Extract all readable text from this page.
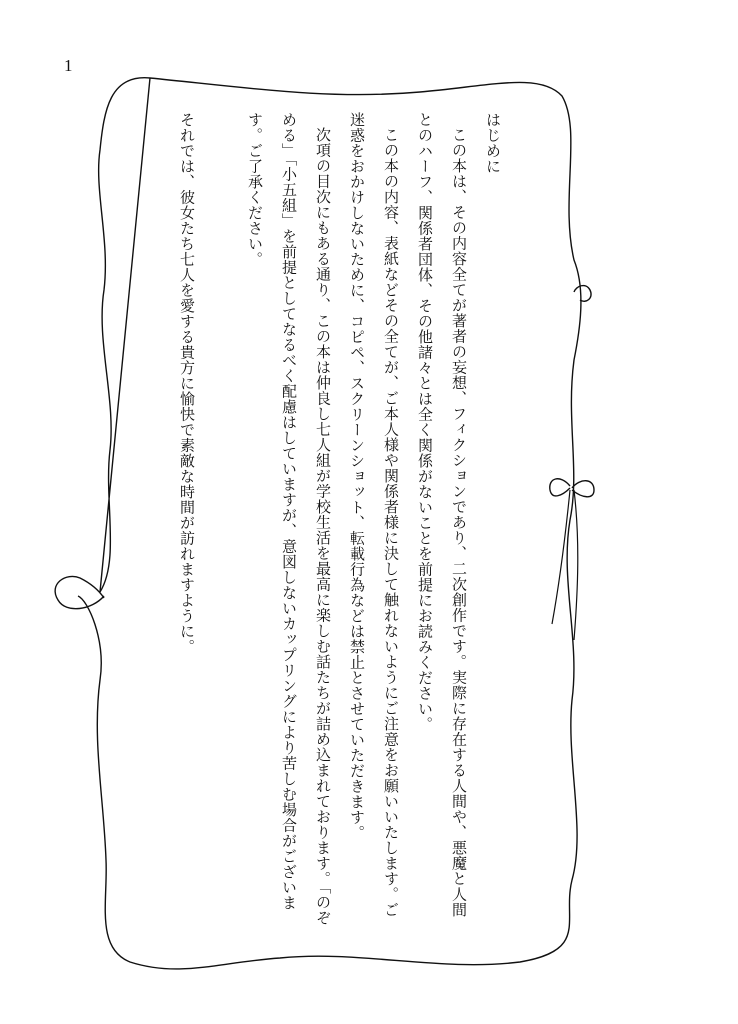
1

はじめに

この本は、その内容全てが著者の妄想、フィクションであり、二次創作です。実際に存在する人間や、悪魔と人間とのハーフ、関係者団体、その他諸々とは全く関係がないことを前提にお読みください。

この本の内容、表紙などその全てが、ご本人様や関係者様に決して触れないようにご注意をお願いいたします。ご迷惑をおかけしないために、コピペ、スクリーンショット、転載行為などは禁止とさせていただきます。

次項の目次にもある通り、この本は仲良し七人組が学校生活を最高に楽しむ話たちが詰め込まれております。「のぞめる」「小五組」を前提としてなるべく配慮はしていますが、意図しないカップリングにより苦しむ場合がございます。ご了承ください。

それでは、彼女たち七人を愛する貴方に愉快で素敵な時間が訪れますように。
